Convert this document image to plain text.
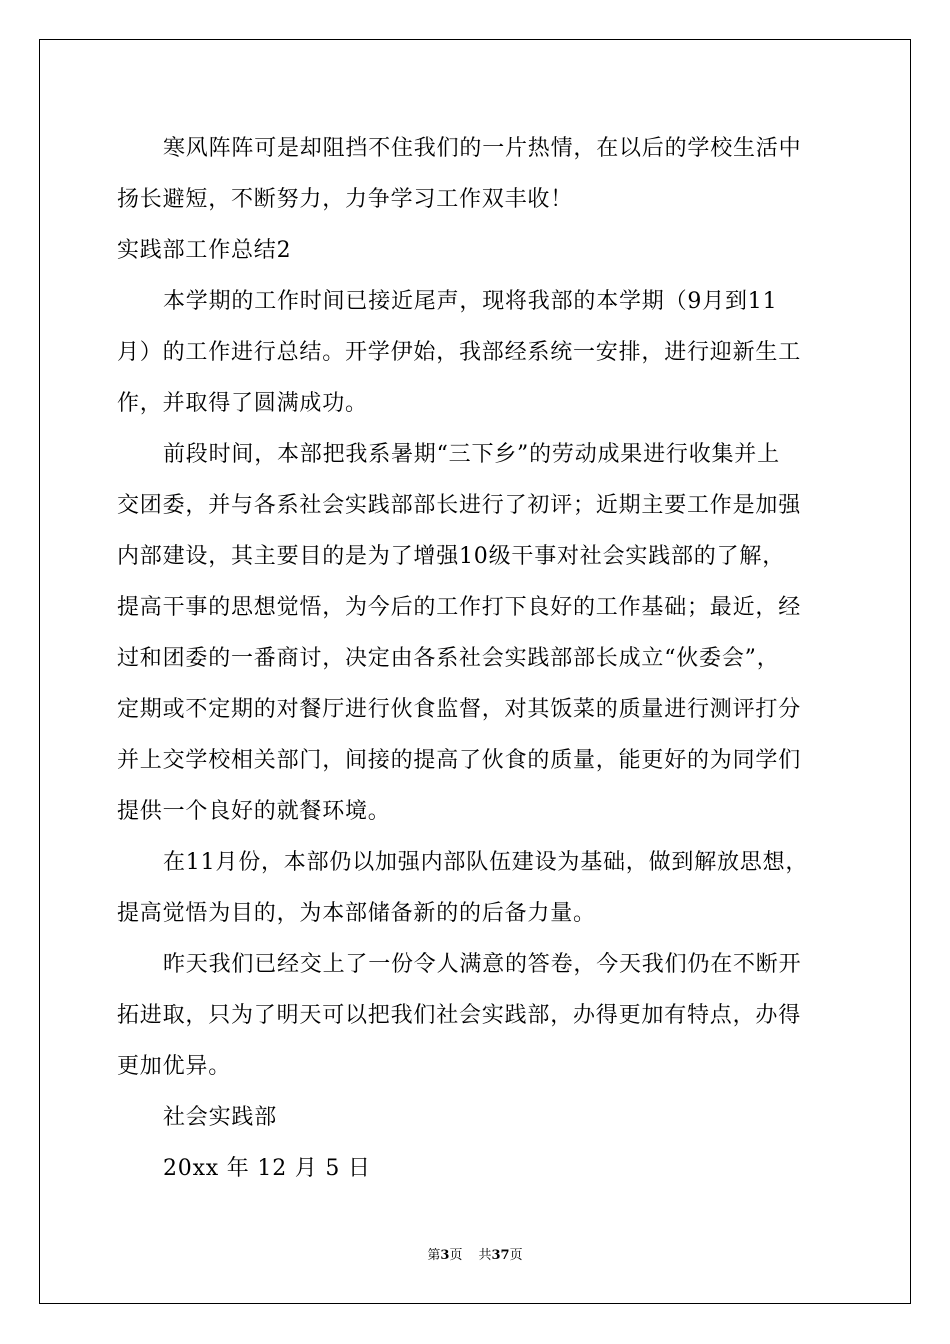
寒风阵阵可是却阻挡不住我们的一片热情，在以后的学校生活中
扬长避短，不断努力，力争学习工作双丰收！
实践部工作总结2
本学期的工作时间已接近尾声，现将我部的本学期（9月到11
月）的工作进行总结。开学伊始，我部经系统一安排，进行迎新生工
作，并取得了圆满成功。
前段时间，本部把我系暑期“三下乡”的劳动成果进行收集并上
交团委，并与各系社会实践部部长进行了初评；近期主要工作是加强
内部建设，其主要目的是为了增强10级干事对社会实践部的了解，
提高干事的思想觉悟，为今后的工作打下良好的工作基础；最近，经
过和团委的一番商讨，决定由各系社会实践部部长成立“伙委会”，
定期或不定期的对餐厅进行伙食监督，对其饭菜的质量进行测评打分
并上交学校相关部门，间接的提高了伙食的质量，能更好的为同学们
提供一个良好的就餐环境。
在11月份，本部仍以加强内部队伍建设为基础，做到解放思想，
提高觉悟为目的，为本部储备新的的后备力量。
昨天我们已经交上了一份令人满意的答卷，今天我们仍在不断开
拓进取，只为了明天可以把我们社会实践部，办得更加有特点，办得
更加优异。
社会实践部
20xx 年 12 月 5 日
第3页 共37页
